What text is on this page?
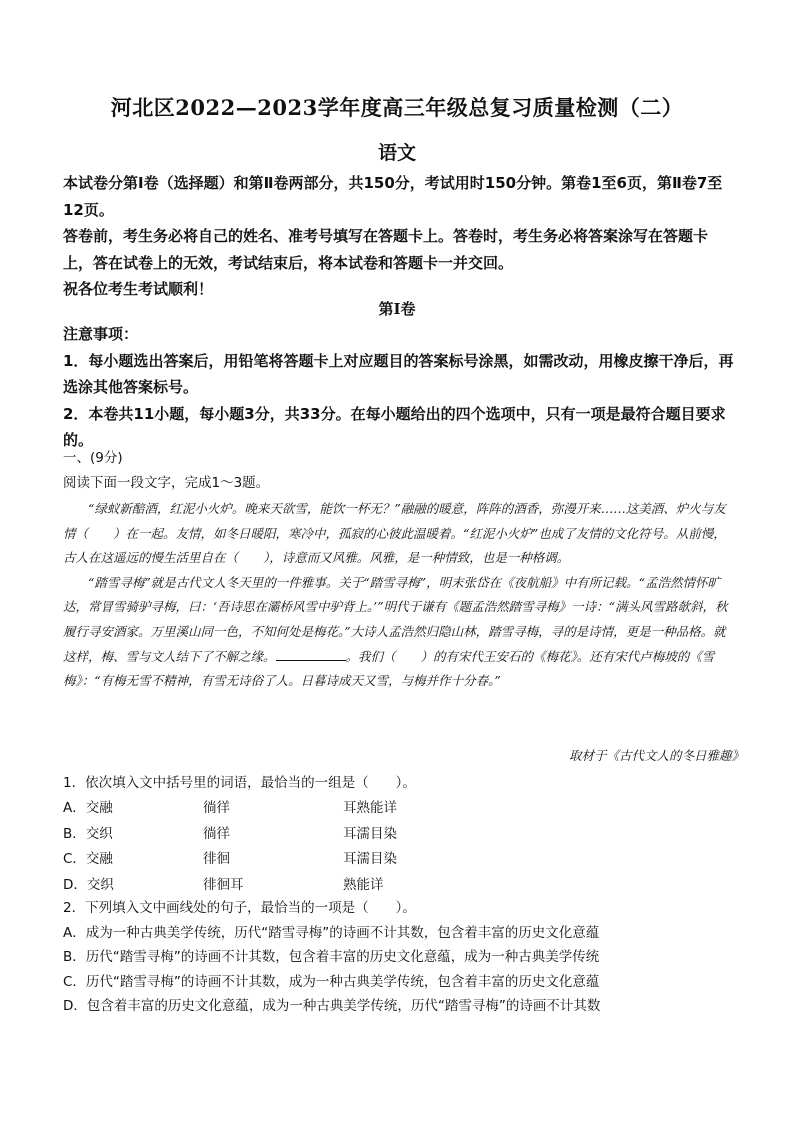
河北区2022—2023学年度高三年级总复习质量检测（二）
语文

本试卷分第Ⅰ卷（选择题）和第Ⅱ卷两部分，共150分，考试用时150分钟。第卷1至6页，第Ⅱ卷7至12页。

答卷前，考生务必将自己的姓名、准考号填写在答题卡上。答卷时，考生务必将答案涂写在答题卡上，答在试卷上的无效，考试结束后，将本试卷和答题卡一并交回。

祝各位考生考试顺利！

第Ⅰ卷

注意事项：

1．每小题选出答案后，用铅笔将答题卡上对应题目的答案标号涂黑，如需改动，用橡皮擦干净后，再选涂其他答案标号。

2．本卷共11小题，每小题3分，共33分。在每小题给出的四个选项中，只有一项是最符合题目要求的。

一、(9分)

阅读下面一段文字，完成1～3题。

“绿蚁新醅酒，红泥小火炉。晚来天欲雪，能饮一杯无？”融融的暖意，阵阵的酒香，弥漫开来……这美酒、炉火与友情（　　）在一起。友情，如冬日暖阳，寒冷中，孤寂的心彼此温暖着。“红泥小火炉”也成了友情的文化符号。从前慢，古人在这遥远的慢生活里自在（　　），诗意而又风雅。风雅，是一种情致，也是一种格调。

“踏雪寻梅”就是古代文人冬天里的一件雅事。关于“踏雪寻梅”，明末张岱在《夜航船》中有所记载。“孟浩然情怀旷达，常冒雪骑驴寻梅，曰：‘吾诗思在灞桥风雪中驴背上。’”明代于谦有《题孟浩然踏雪寻梅》一诗：“满头风雪路欹斜，秋履行寻安酒家。万里溪山同一色，不知何处是梅花。”大诗人孟浩然归隐山林，踏雪寻梅，寻的是诗情，更是一种品格。就这样，梅、雪与文人结下了不解之缘。	。我们（　　）的有宋代王安石的《梅花》。还有宋代卢梅坡的《雪梅》：“有梅无雪不精神，有雪无诗俗了人。日暮诗成天又雪，与梅并作十分春。”

取材于《古代文人的冬日雅趣》
1．依次填入文中括号里的词语，最恰当的一组是（　　）。
A．交融	徜徉	耳熟能详
B．交织	徜徉	耳濡目染
C．交融	徘徊	耳濡目染
D．交织	徘徊耳	熟能详

2．下列填入文中画线处的句子，最恰当的一项是（　　）。

A．成为一种古典美学传统，历代“踏雪寻梅”的诗画不计其数，包含着丰富的历史文化意蕴

B．历代“踏雪寻梅”的诗画不计其数，包含着丰富的历史文化意蕴，成为一种古典美学传统

C．历代“踏雪寻梅”的诗画不计其数，成为一种古典美学传统，包含着丰富的历史文化意蕴

D．包含着丰富的历史文化意蕴，成为一种古典美学传统，历代“踏雪寻梅”的诗画不计其数
